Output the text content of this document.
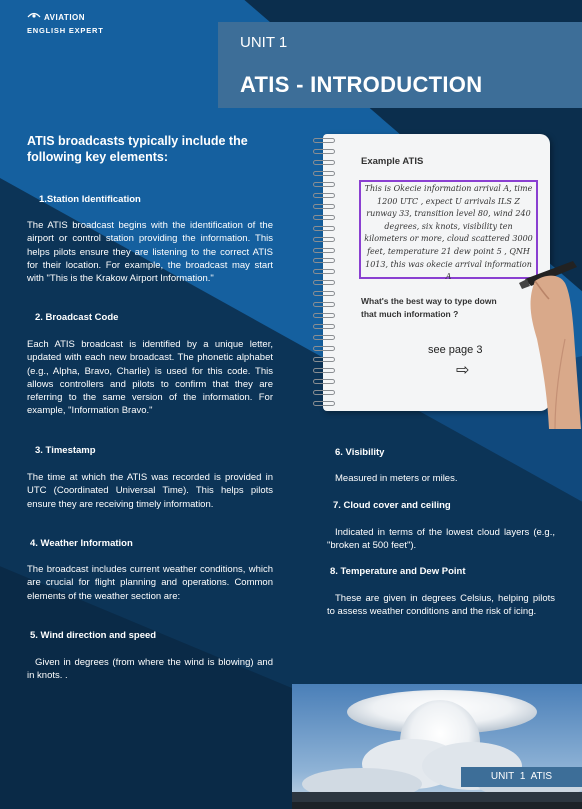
AVIATION
ENGLISH EXPERT
UNIT 1
ATIS - INTRODUCTION
ATIS broadcasts typically include the following key elements:
1.Station Identification
The ATIS broadcast begins with the identification of the airport or control station providing the information. This helps pilots ensure they are listening to the correct ATIS for their location. For example, the broadcast may start with "This is the Krakow Airport Information."
2. Broadcast Code
Each ATIS broadcast is identified by a unique letter, updated with each new broadcast. The phonetic alphabet (e.g., Alpha, Bravo, Charlie) is used for this code. This allows controllers and pilots to confirm that they are referring to the same version of the information. For example, "Information Bravo."
3. Timestamp
The time at which the ATIS was recorded is provided in UTC (Coordinated Universal Time). This helps pilots ensure they are receiving timely information.
4. Weather Information
The broadcast includes current weather conditions, which are crucial for flight planning and operations. Common elements of the weather section are:
5. Wind direction and speed
Given in degrees (from where the wind is blowing) and in knots. .
6. Visibility
Measured in meters or miles.
7. Cloud cover and ceiling
Indicated in terms of the lowest cloud layers (e.g., "broken at 500 feet").
8. Temperature and Dew Point
These are given in degrees Celsius, helping pilots to assess weather conditions and the risk of icing.
Example ATIS
This is Okecie information arrival A, time 1200 UTC , expect U arrivals ILS Z runway 33, transition level 80, wind 240 degrees, six knots, visibility ten kilometers or more, cloud scattered 3000 feet, temperature 21 dew point 5 , QNH 1013, this was okecie arrival information A
What's the best way to type down that much information ?
see page 3
⇨
UNIT 1 ATIS
